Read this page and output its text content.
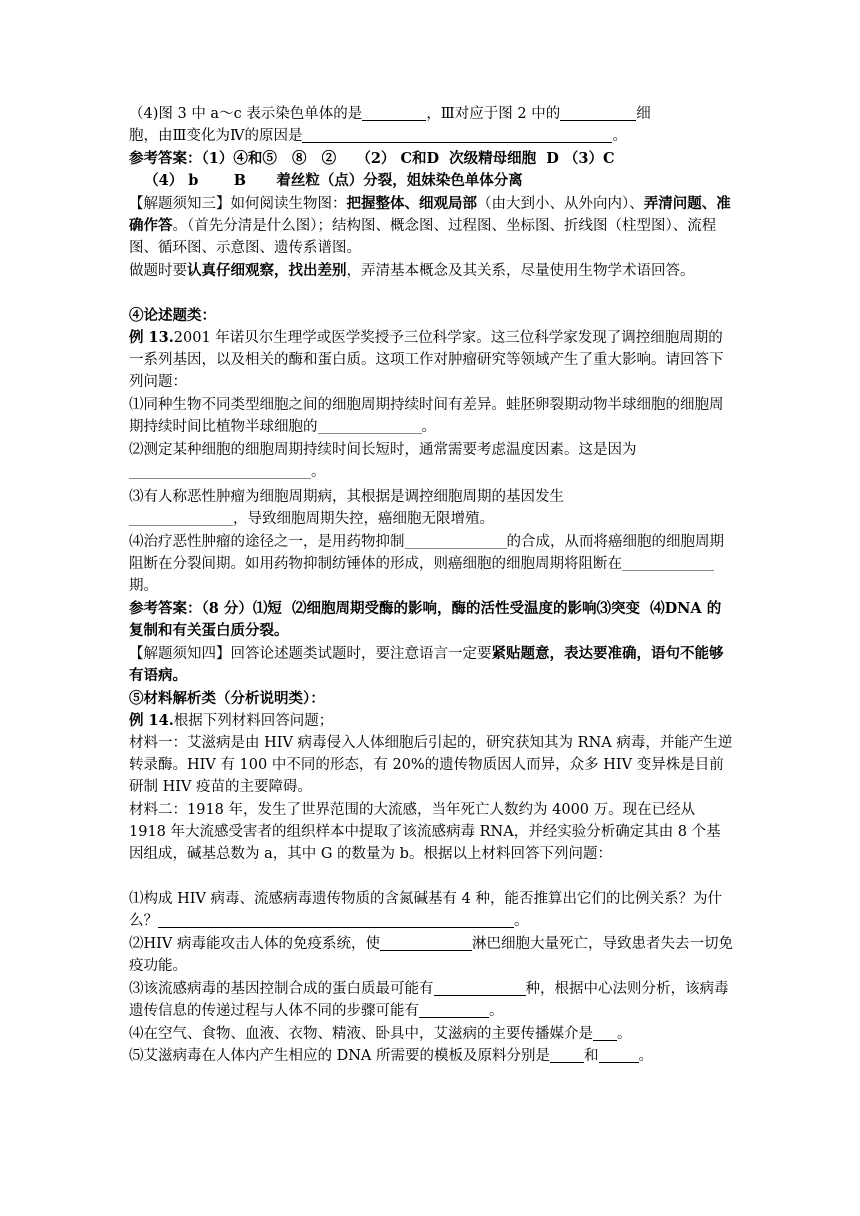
（4)图 3 中 a～c 表示染色单体的是	，Ⅲ对应于图 2 中的	细
胞，由Ⅲ变化为Ⅳ的原因是	。

参考答案：（1）④和⑤   ⑧   ②    （2） C和D  次级精母细胞  D （3）C
（4） b       B      着丝粒（点）分裂，姐妹染色单体分离

【解题须知三】如何阅读生物图：把握整体、细观局部（由大到小、从外向内）、弄清问题、准确作答。（首先分清是什么图）；结构图、概念图、过程图、坐标图、折线图（柱型图）、流程图、循环图、示意图、遗传系谱图。

做题时要认真仔细观察，找出差别，弄清基本概念及其关系，尽量使用生物学术语回答。

④论述题类：

例 13.2001 年诺贝尔生理学或医学奖授予三位科学家。这三位科学家发现了调控细胞周期的一系列基因，以及相关的酶和蛋白质。这项工作对肿瘤研究等领域产生了重大影响。请回答下列问题：

⑴同种生物不同类型细胞之间的细胞周期持续时间有差异。蛙胚卵裂期动物半球细胞的细胞周期持续时间比植物半球细胞的	。

⑵测定某种细胞的细胞周期持续时间长短时，通常需要考虑温度因素。这是因为
。

⑶有人称恶性肿瘤为细胞周期病，其根据是调控细胞周期的基因发生
，导致细胞周期失控，癌细胞无限增殖。

⑷治疗恶性肿瘤的途径之一，是用药物抑制	的合成，从而将癌细胞的细胞周期阻断在分裂间期。如用药物抑制纺锤体的形成，则癌细胞的细胞周期将阻断在期。

参考答案：（8 分）⑴短  ⑵细胞周期受酶的影响，酶的活性受温度的影响⑶突变  ⑷DNA 的复制和有关蛋白质分裂。

【解题须知四】回答论述题类试题时，要注意语言一定要紧贴题意，表达要准确，语句不能够有语病。

⑤材料解析类（分析说明类）：

例 14.根据下列材料回答问题；

材料一：艾滋病是由 HIV 病毒侵入人体细胞后引起的，研究获知其为 RNA 病毒，并能产生逆转录酶。HIV 有 100 中不同的形态，有 20%的遗传物质因人而异，众多 HIV 变异株是目前研制 HIV 疫苗的主要障碍。

材料二：1918 年，发生了世界范围的大流感，当年死亡人数约为 4000 万。现在已经从 1918 年大流感受害者的组织样本中提取了该流感病毒 RNA，并经实验分析确定其由 8 个基因组成，碱基总数为 a，其中 G 的数量为 b。根据以上材料回答下列问题：

⑴构成 HIV 病毒、流感病毒遗传物质的含氮碱基有 4 种，能否推算出它们的比例关系？为什么？	。

⑵HIV 病毒能攻击人体的免疫系统，使	淋巴细胞大量死亡，导致患者失去一切免疫功能。

⑶该流感病毒的基因控制合成的蛋白质最可能有	种，根据中心法则分析，该病毒遗传信息的传递过程与人体不同的步骤可能有	。

⑷在空气、食物、血液、衣物、精液、卧具中，艾滋病的主要传播媒介是 。

⑸艾滋病毒在人体内产生相应的 DNA 所需要的模板及原料分别是 和	。
